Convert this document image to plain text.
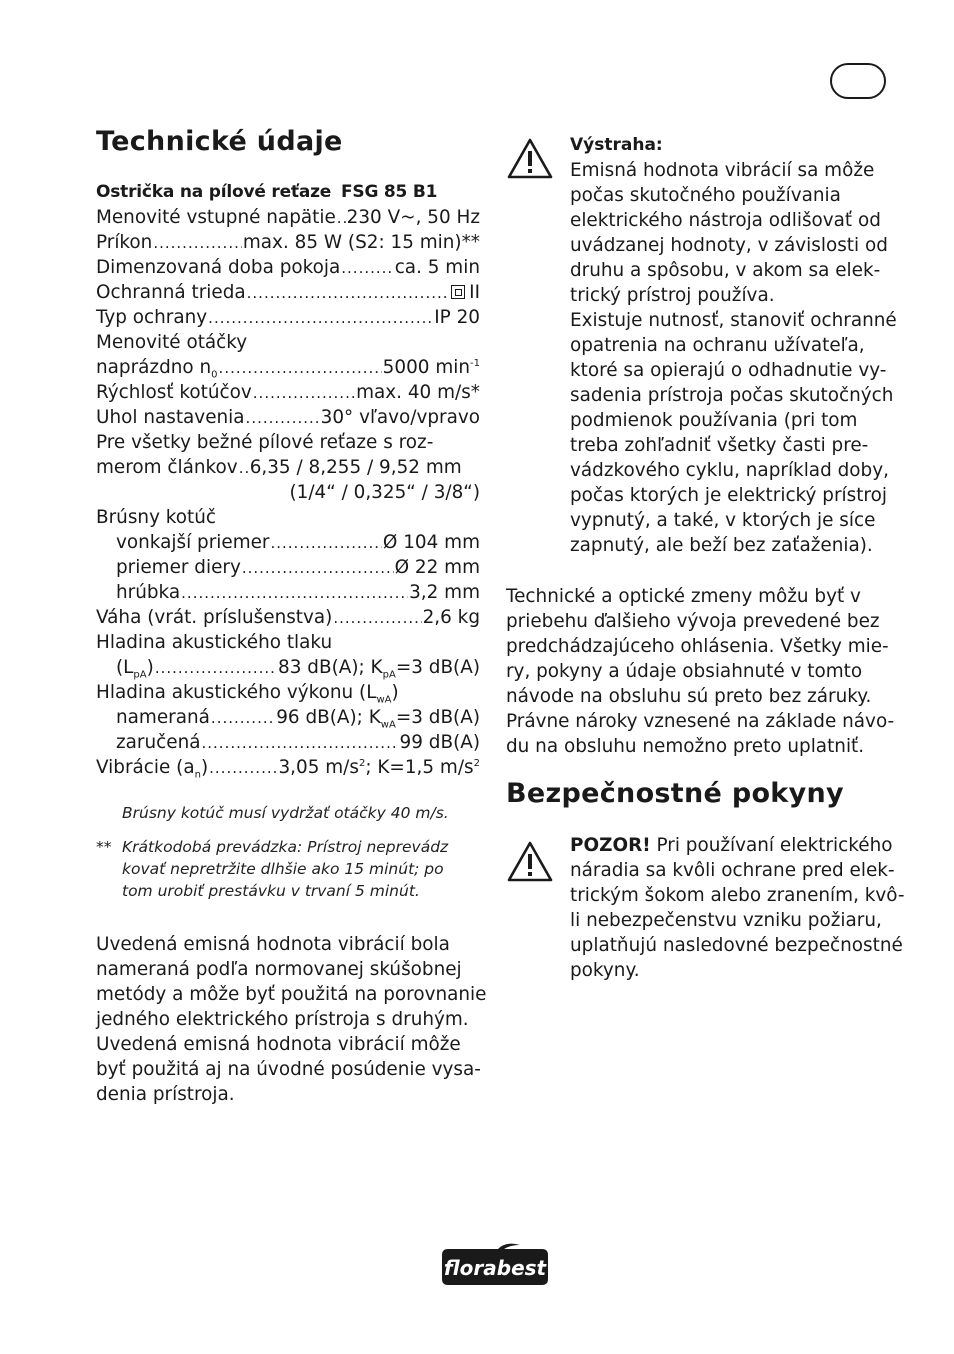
Technické údaje
Ostrička na pílové reťaze FSG 85 B1
Menovité vstupné napätie ..... 230 V~, 50 Hz
Príkon .....	max. 85 W (S2: 15 min)**
Dimenzovaná doba pokoja .....	ca. 5 min
Ochranná trieda .....	II
Typ ochrany .....	IP 20
Menovité otáčky
naprázdno $n_0$ .....	5000 $\min^{-1}$
Rýchlosť kotúčov .....	max. 40 m/s*
Uhol nastavenia .....	30° vľavo/vpravo
Pre všetky bežné pílové reťaze s roz-
merom článkov ..... 6,35 / 8,255 / 9,52 mm
(1/4“ / 0,325“ / 3/8“)
Brúsny kotúč
vonkajší priemer .....	Ø 104 mm
priemer diery .....	Ø 22 mm
hrúbka .....	3,2 mm
Váha (vrát. príslušenstva) .....	2,6 kg
Hladina akustického tlaku
$(L_{pA})$ .....	83 dB(A); $K_{pA}=3$ dB(A)
Hladina akustického výkonu $(L_{wA})$
nameraná .....	96 dB(A); $K_{wA}=3$ dB(A)
zaručená .....	99 dB(A)
Vibrácie $(a_n)$ .....	3,05 $m/s^2$; K=1,5 $m/s^2$
Brúsny kotúč musí vydržať otáčky 40 m/s.
** Krátkodobá prevádzka: Prístroj neprevádz
kovať nepretržite dlhšie ako 15 minút; po
tom urobiť prestávku v trvaní 5 minút.
Uvedená emisná hodnota vibrácií bola
nameraná podľa normovanej skúšobnej
metódy a môže byť použitá na porovnanie
jedného elektrického prístroja s druhým.
Uvedená emisná hodnota vibrácií môže
byť použitá aj na úvodné posúdenie vysa-
denia prístroja.
Výstraha:
Emisná hodnota vibrácií sa môže
počas skutočného používania
elektrického nástroja odlišovať od
uvádzanej hodnoty, v závislosti od
druhu a spôsobu, v akom sa elek-
trický prístroj používa.
Existuje nutnosť, stanoviť ochranné
opatrenia na ochranu užívateľa,
ktoré sa opierajú o odhadnutie vy-
sadenia prístroja počas skutočných
podmienok používania (pri tom
treba zohľadniť všetky časti pre-
vádzkového cyklu, napríklad doby,
počas ktorých je elektrický prístroj
vypnutý, a také, v ktorých je síce
zapnutý, ale beží bez zaťaženia).
Technické a optické zmeny môžu byť v
priebehu ďalšieho vývoja prevedené bez
predchádzajúceho ohlásenia. Všetky mie-
ry, pokyny a údaje obsiahnuté v tomto
návode na obsluhu sú preto bez záruky.
Právne nároky vznesené na základe návo-
du na obsluhu nemožno preto uplatniť.
Bezpečnostné pokyny
POZOR! Pri používaní elektrického
náradia sa kvôli ochrane pred elek-
trickým šokom alebo zranením, kvô-
li nebezpečenstvu vzniku požiaru,
uplatňujú nasledovné bezpečnostné
pokyny.
florabest
